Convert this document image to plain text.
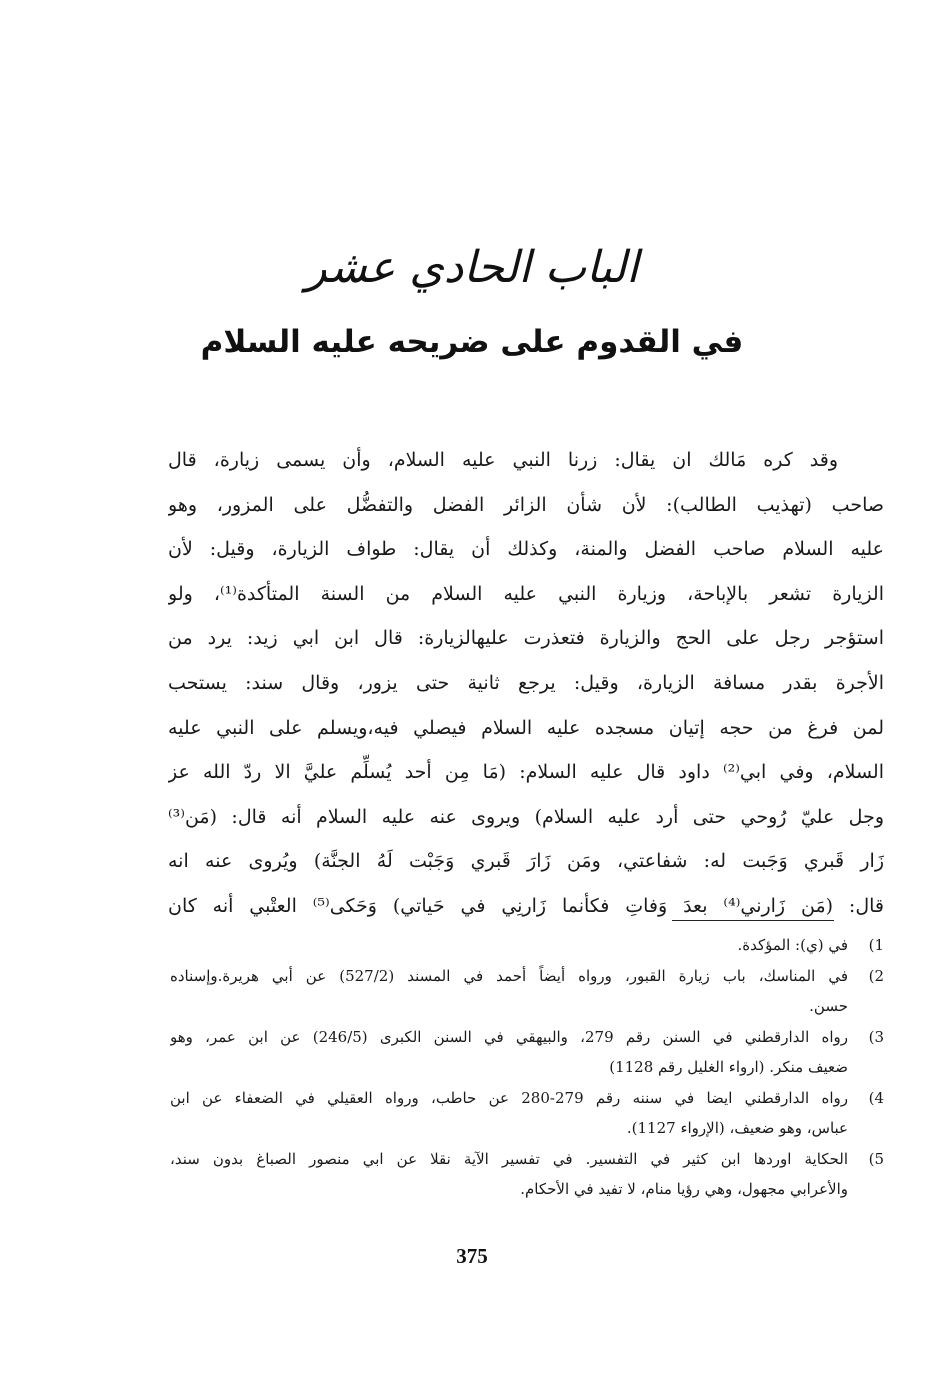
الباب الحادي عشر
في القدوم على ضريحه عليه السلام
وقد كره مَالك ان يقال: زرنا النبي عليه السلام، وأن يسمى زيارة، قال
صاحب (تهذيب الطالب): لأن شأن الزائر الفضل والتفضُّل على المزور، وهو
عليه السلام صاحب الفضل والمنة، وكذلك أن يقال: طواف الزيارة، وقيل: لأن
الزيارة تشعر بالإباحة، وزيارة النبي عليه السلام من السنة المتأكدة⁽¹⁾، ولو
استؤجر رجل على الحج والزيارة فتعذرت عليهالزيارة: قال ابن ابي زيد: يرد من
الأجرة بقدر مسافة الزيارة، وقيل: يرجع ثانية حتى يزور، وقال سند: يستحب
لمن فرغ من حجه إتيان مسجده عليه السلام فيصلي فيه،ويسلم على النبي عليه
السلام، وفي ابي⁽²⁾ داود قال عليه السلام: (مَا مِن أحد يُسلِّم عليَّ الا ردّ الله عز
وجل عليّ رُوحي حتى أرد عليه السلام) ويروى عنه عليه السلام أنه قال: (مَن⁽³⁾
زَار قَبري وَجَبت له: شفاعتي، ومَن زَارَ قَبري وَجَبْت لَهُ الجنَّة) ويُروى عنه انه
قال: (مَن زَارني⁽⁴⁾ بعدَ وَفاتِ فكأنما زَارنِي في حَياتي) وَحَكى⁽⁵⁾ العتْبي أنه كان
1)
في (ي): المؤكدة.
2)
في المناسك، باب زيارة القبور، ورواه أيضاً أحمد في المسند (527/2) عن أبي هريرة.وإسناده
حسن.
3)
رواه الدارقطني في السنن رقم 279، والبيهقي في السنن الكبرى (246/5) عن ابن عمر، وهو
ضعيف منكر. (ارواء الغليل رقم 1128)
4)
رواه الدارقطني ايضا في سننه رقم 279-280 عن حاطب، ورواه العقيلي في الضعفاء عن ابن
عباس، وهو ضعيف، (الإرواء 1127).
5)
الحكاية اوردها ابن كثير في التفسير. في تفسير الآية نقلا عن ابي منصور الصباغ بدون سند،
والأعرابي مجهول، وهي رؤيا منام، لا تفيد في الأحكام.
375
